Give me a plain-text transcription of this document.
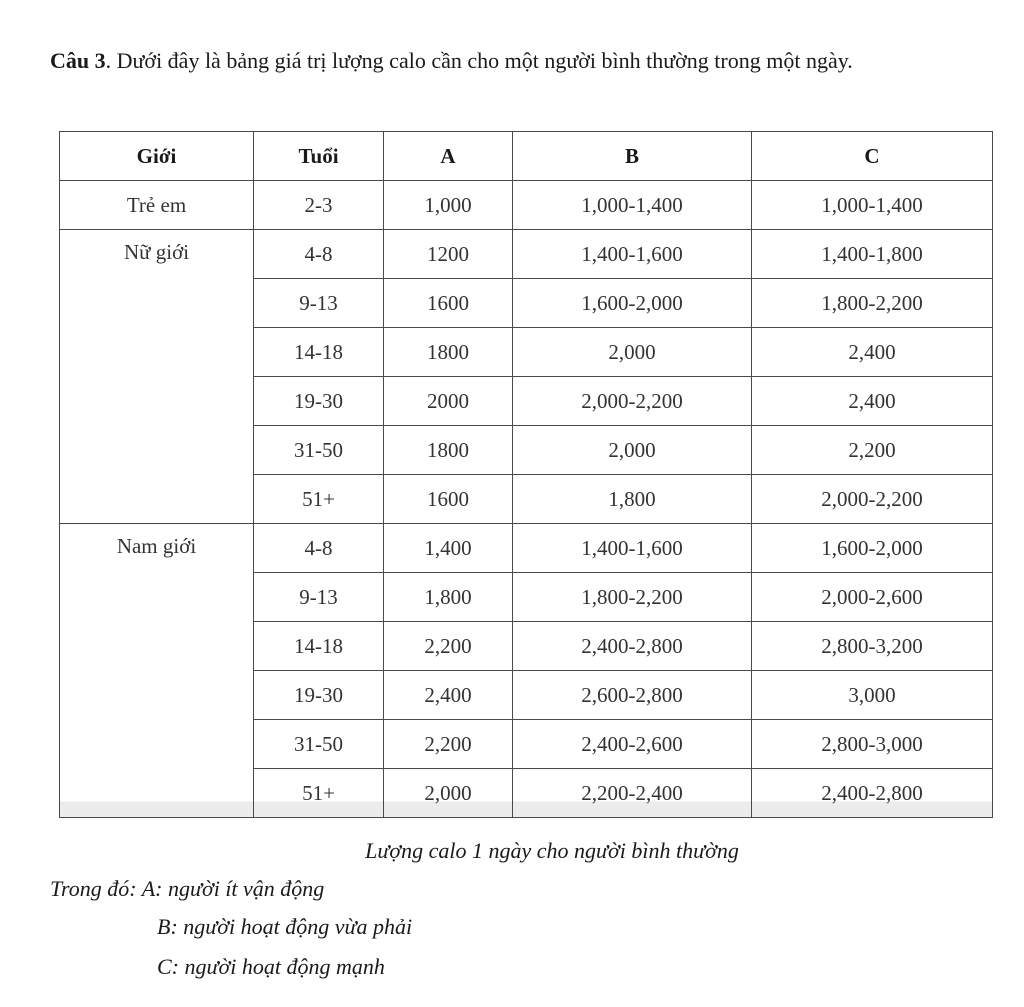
Câu 3. Dưới đây là bảng giá trị lượng calo cần cho một người bình thường trong một ngày.
Giới	Tuổi	A	B	C
Trẻ em	2-3	1,000	1,000-1,400	1,000-1,400
Nữ giới	4-8	1200	1,400-1,600	1,400-1,800
	9-13	1600	1,600-2,000	1,800-2,200
	14-18	1800	2,000	2,400
	19-30	2000	2,000-2,200	2,400
	31-50	1800	2,000	2,200
	51+	1600	1,800	2,000-2,200
Nam giới	4-8	1,400	1,400-1,600	1,600-2,000
	9-13	1,800	1,800-2,200	2,000-2,600
	14-18	2,200	2,400-2,800	2,800-3,200
	19-30	2,400	2,600-2,800	3,000
	31-50	2,200	2,400-2,600	2,800-3,000
	51+	2,000	2,200-2,400	2,400-2,800
Lượng calo 1 ngày cho người bình thường
Trong đó: A: người ít vận động
B: người hoạt động vừa phải
C: người hoạt động mạnh
